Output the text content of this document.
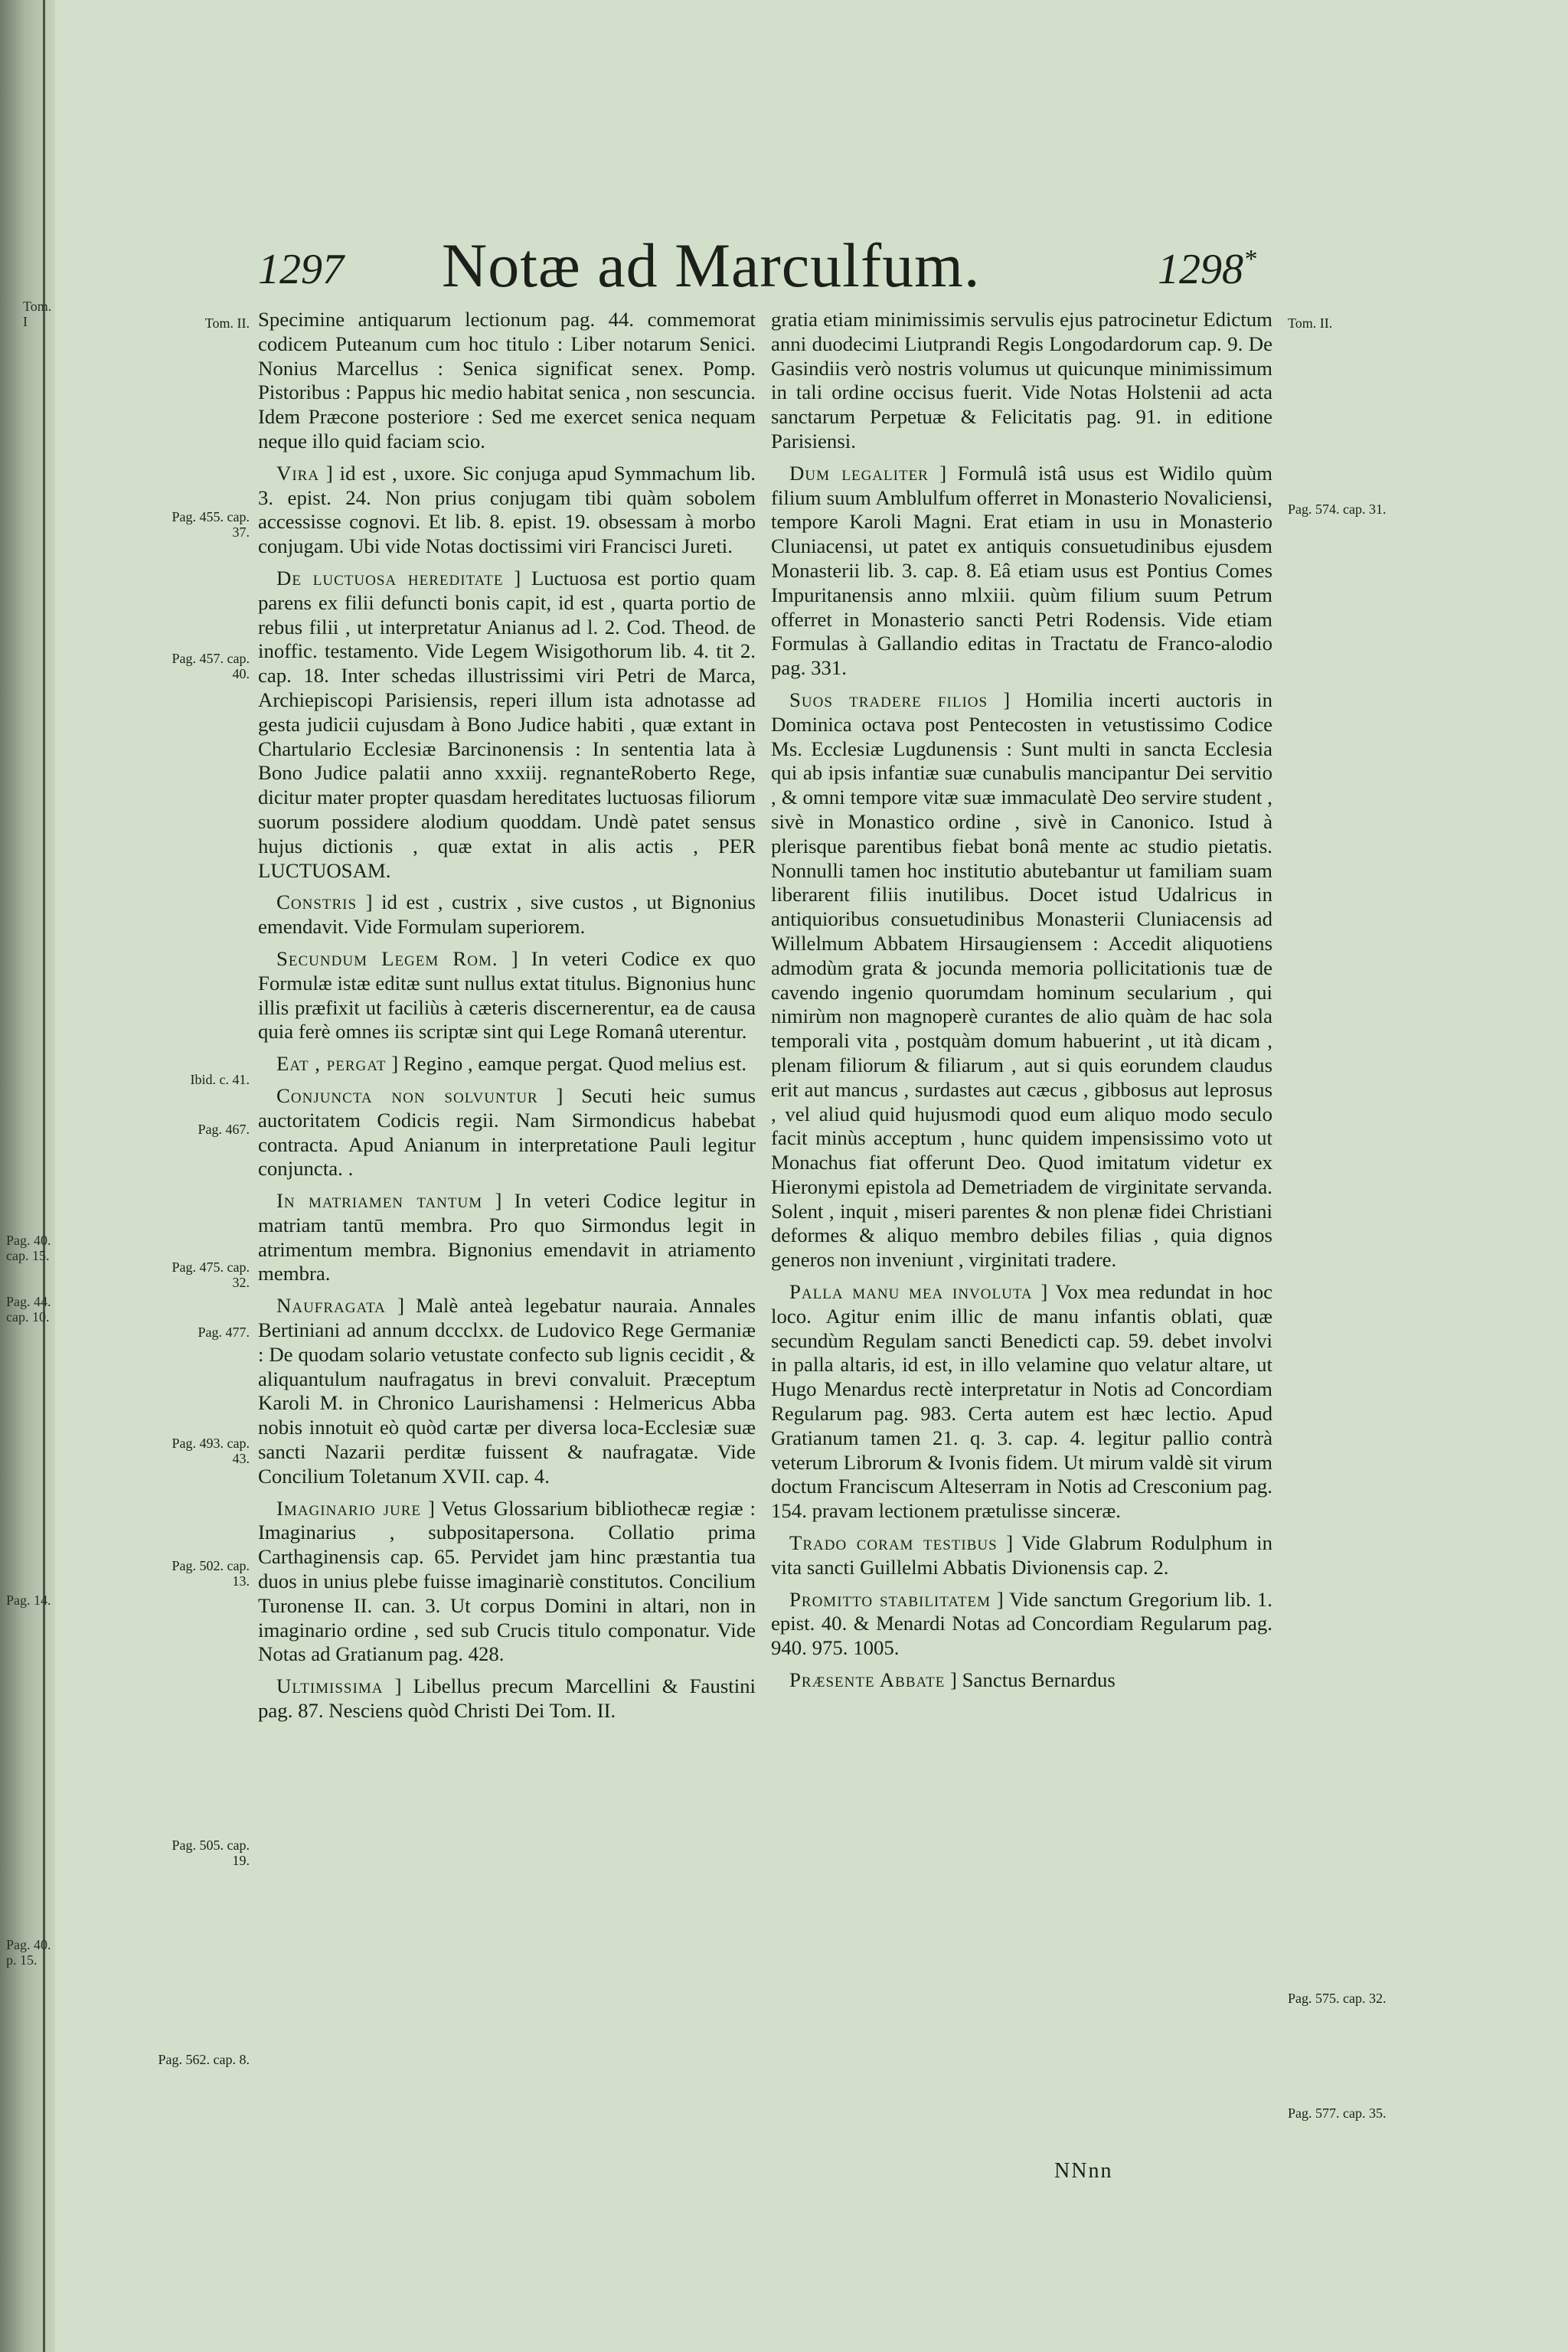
Tom. I
Pag. 40. cap. 15.
Pag. 44. cap. 10.
Pag. 14.
Pag. 40. p. 15.
1297 Notæ ad Marculfum.	1298*
Tom. II.
Pag. 455. cap. 37.
Pag. 457. cap. 40.
Ibid. c. 41.
Pag. 467.
Pag. 475. cap. 32.
Pag. 477.
Pag. 493. cap. 43.
Pag. 502. cap. 13.
Pag. 505. cap. 19.
Pag. 562. cap. 8.
Tom. II.
Pag. 574. cap. 31.
Pag. 575. cap. 32.
Pag. 577. cap. 35.

Specimine antiquarum lectionum pag. 44. commemorat codicem Puteanum cum hoc titulo : Liber notarum Senici. Nonius Marcellus : Senica significat senex. Pomp. Pistoribus : Pappus hic medio habitat senica , non sescuncia. Idem Præcone posteriore : Sed me exercet senica nequam neque illo quid faciam scio.

Vira ] id est , uxore. Sic conjuga apud Symmachum lib. 3. epist. 24. Non prius conjugam tibi quàm sobolem accessisse cognovi. Et lib. 8. epist. 19. obsessam à morbo conjugam. Ubi vide Notas doctissimi viri Francisci Jureti.

De luctuosa hereditate ] Luctuosa est portio quam parens ex filii defuncti bonis capit, id est , quarta portio de rebus filii , ut interpretatur Anianus ad l. 2. Cod. Theod. de inoffic. testamento. Vide Legem Wisigothorum lib. 4. tit 2. cap. 18. Inter schedas illustrissimi viri Petri de Marca, Archiepiscopi Parisiensis, reperi illum ista adnotasse ad gesta judicii cujusdam à Bono Judice habiti , quæ extant in Chartulario Ecclesiæ Barcinonensis : In sententia lata à Bono Judice palatii anno xxxiij. regnanteRoberto Rege, dicitur mater propter quasdam hereditates luctuosas filiorum suorum possidere alodium quoddam. Undè patet sensus hujus dictionis , quæ extat in alis actis , PER LUCTUOSAM.

Constris ] id est , custrix , sive custos , ut Bignonius emendavit. Vide Formulam superiorem.

Secundum Legem Rom. ] In veteri Codice ex quo Formulæ istæ editæ sunt nullus extat titulus. Bignonius hunc illis præfixit ut faciliùs à cæteris discernerentur, ea de causa quia ferè omnes iis scriptæ sint qui Lege Romanâ uterentur.

Eat , pergat ] Regino , eamque pergat. Quod melius est.

Conjuncta non solvuntur ] Secuti heic sumus auctoritatem Codicis regii. Nam Sirmondicus habebat contracta. Apud Anianum in interpretatione Pauli legitur conjuncta. .

In matriamen tantum ] In veteri Codice legitur in matriam tantū membra. Pro quo Sirmondus legit in atrimentum membra. Bignonius emendavit in atriamento membra.

Naufragata ] Malè anteà legebatur nauraia. Annales Bertiniani ad annum dccclxx. de Ludovico Rege Germaniæ : De quodam solario vetustate confecto sub lignis cecidit , & aliquantulum naufragatus in brevi convaluit. Præceptum Karoli M. in Chronico Laurishamensi : Helmericus Abba nobis innotuit eò quòd cartæ per diversa loca-Ecclesiæ suæ sancti Nazarii perditæ fuissent & naufragatæ. Vide Concilium Toletanum XVII. cap. 4.

Imaginario jure ] Vetus Glossarium bibliothecæ regiæ : Imaginarius , subpositapersona. Collatio prima Carthaginensis cap. 65. Pervidet jam hinc præstantia tua duos in unius plebe fuisse imaginariè constitutos. Concilium Turonense II. can. 3. Ut corpus Domini in altari, non in imaginario ordine , sed sub Crucis titulo componatur. Vide Notas ad Gratianum pag. 428.

Ultimissima ] Libellus precum Marcellini & Faustini pag. 87. Nesciens quòd Christi Dei Tom. II.

gratia etiam minimissimis servulis ejus patrocinetur Edictum anni duodecimi Liutprandi Regis Longodardorum cap. 9. De Gasindiis verò nostris volumus ut quicunque minimissimum in tali ordine occisus fuerit. Vide Notas Holstenii ad acta sanctarum Perpetuæ & Felicitatis pag. 91. in editione Parisiensi.

Dum legaliter ] Formulâ istâ usus est Widilo quùm filium suum Amblulfum offerret in Monasterio Novaliciensi, tempore Karoli Magni. Erat etiam in usu in Monasterio Cluniacensi, ut patet ex antiquis consuetudinibus ejusdem Monasterii lib. 3. cap. 8. Eâ etiam usus est Pontius Comes Impuritanensis anno mlxiii. quùm filium suum Petrum offerret in Monasterio sancti Petri Rodensis. Vide etiam Formulas à Gallandio editas in Tractatu de Franco-alodio pag. 331.

Suos tradere filios ] Homilia incerti auctoris in Dominica octava post Pentecosten in vetustissimo Codice Ms. Ecclesiæ Lugdunensis : Sunt multi in sancta Ecclesia qui ab ipsis infantiæ suæ cunabulis mancipantur Dei servitio , & omni tempore vitæ suæ immaculatè Deo servire student , sivè in Monastico ordine , sivè in Canonico. Istud à plerisque parentibus fiebat bonâ mente ac studio pietatis. Nonnulli tamen hoc institutio abutebantur ut familiam suam liberarent filiis inutilibus. Docet istud Udalricus in antiquioribus consuetudinibus Monasterii Cluniacensis ad Willelmum Abbatem Hirsaugiensem : Accedit aliquotiens admodùm grata & jocunda memoria pollicitationis tuæ de cavendo ingenio quorumdam hominum secularium , qui nimirùm non magnoperè curantes de alio quàm de hac sola temporali vita , postquàm domum habuerint , ut ità dicam , plenam filiorum & filiarum , aut si quis eorundem claudus erit aut mancus , surdastes aut cæcus , gibbosus aut leprosus , vel aliud quid hujusmodi quod eum aliquo modo seculo facit minùs acceptum , hunc quidem impensissimo voto ut Monachus fiat offerunt Deo. Quod imitatum videtur ex Hieronymi epistola ad Demetriadem de virginitate servanda. Solent , inquit , miseri parentes & non plenæ fidei Christiani deformes & aliquo membro debiles filias , quia dignos generos non inveniunt , virginitati tradere.

Palla manu mea involuta ] Vox mea redundat in hoc loco. Agitur enim illic de manu infantis oblati, quæ secundùm Regulam sancti Benedicti cap. 59. debet involvi in palla altaris, id est, in illo velamine quo velatur altare, ut Hugo Menardus rectè interpretatur in Notis ad Concordiam Regularum pag. 983. Certa autem est hæc lectio. Apud Gratianum tamen 21. q. 3. cap. 4. legitur pallio contrà veterum Librorum & Ivonis fidem. Ut mirum valdè sit virum doctum Franciscum Alteserram in Notis ad Cresconium pag. 154. pravam lectionem prætulisse sinceræ.

Trado coram testibus ] Vide Glabrum Rodulphum in vita sancti Guillelmi Abbatis Divionensis cap. 2.

Promitto stabilitatem ] Vide sanctum Gregorium lib. 1. epist. 40. & Menardi Notas ad Concordiam Regularum pag. 940. 975. 1005.

Præsente Abbate ] Sanctus Bernardus

NNnn
